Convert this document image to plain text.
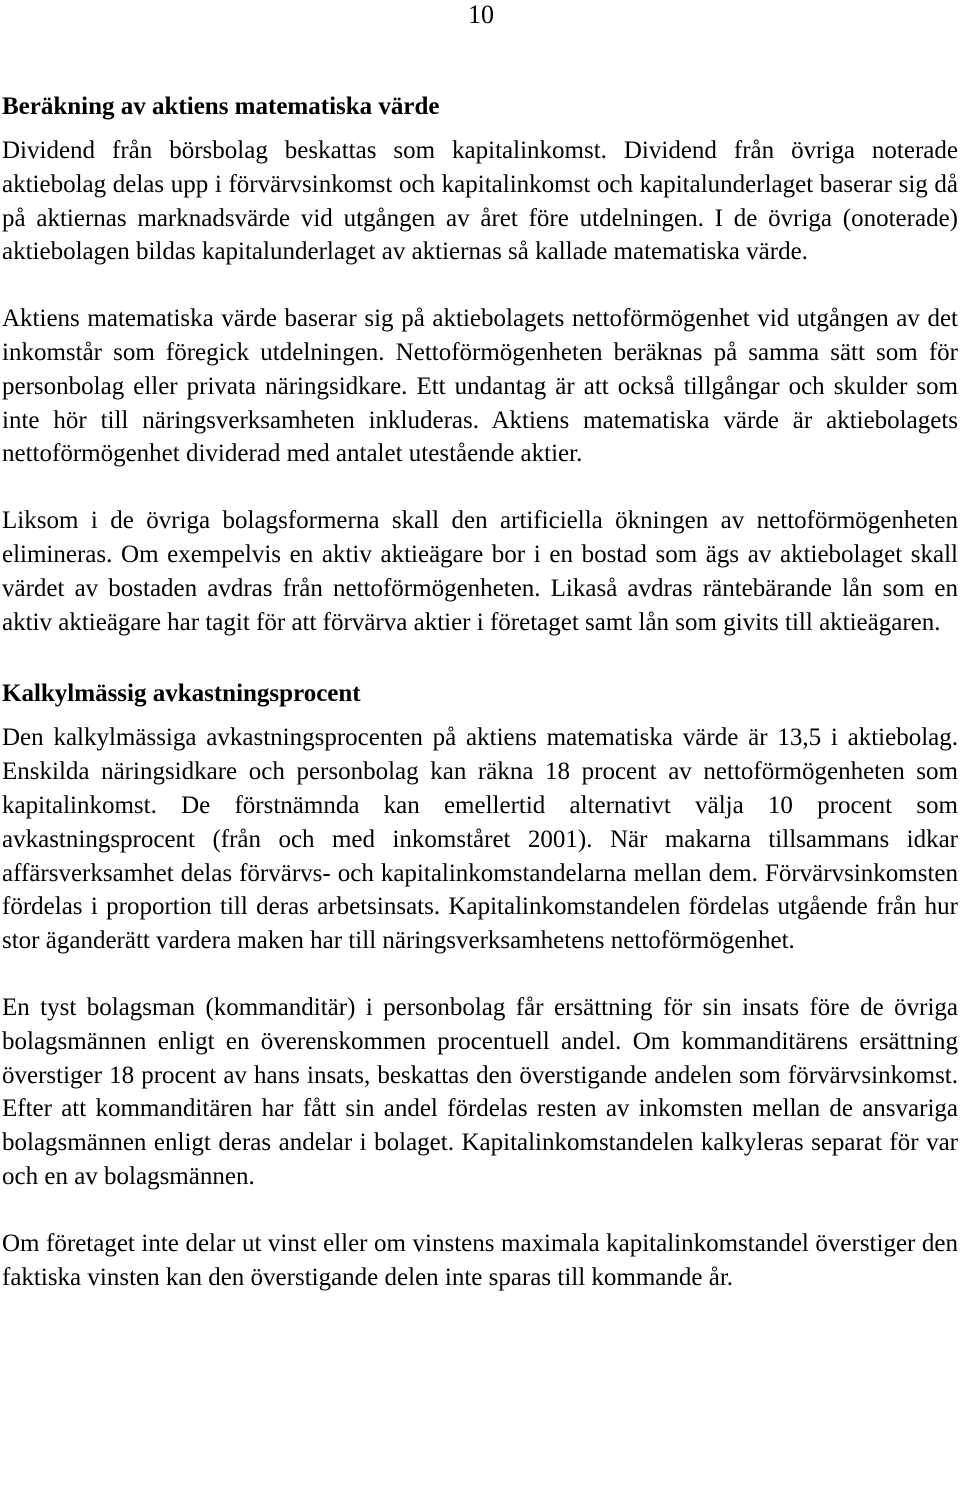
10
Beräkning av aktiens matematiska värde

Dividend från börsbolag beskattas som kapitalinkomst. Dividend från övriga noterade aktiebolag delas upp i förvärvsinkomst och kapitalinkomst och kapitalunderlaget baserar sig då på aktiernas marknadsvärde vid utgången av året före utdelningen. I de övriga (onoterade) aktiebolagen bildas kapitalunderlaget av aktiernas så kallade matematiska värde.

Aktiens matematiska värde baserar sig på aktiebolagets nettoförmögenhet vid utgången av det inkomstår som föregick utdelningen. Nettoförmögenheten beräknas på samma sätt som för personbolag eller privata näringsidkare. Ett undantag är att också tillgångar och skulder som inte hör till näringsverksamheten inkluderas. Aktiens matematiska värde är aktiebolagets nettoförmögenhet dividerad med antalet utestående aktier.

Liksom i de övriga bolagsformerna skall den artificiella ökningen av nettoförmögenheten elimineras. Om exempelvis en aktiv aktieägare bor i en bostad som ägs av aktiebolaget skall värdet av bostaden avdras från nettoförmögenheten. Likaså avdras räntebärande lån som en aktiv aktieägare har tagit för att förvärva aktier i företaget samt lån som givits till aktieägaren.

Kalkylmässig avkastningsprocent

Den kalkylmässiga avkastningsprocenten på aktiens matematiska värde är 13,5 i aktiebolag. Enskilda näringsidkare och personbolag kan räkna 18 procent av nettoförmögenheten som kapitalinkomst. De förstnämnda kan emellertid alternativt välja 10 procent som avkastningsprocent (från och med inkomståret 2001). När makarna tillsammans idkar affärsverksamhet delas förvärvs- och kapitalinkomstandelarna mellan dem. Förvärvsinkomsten fördelas i proportion till deras arbetsinsats. Kapitalinkomstandelen fördelas utgående från hur stor äganderätt vardera maken har till näringsverksamhetens nettoförmögenhet.

En tyst bolagsman (kommanditär) i personbolag får ersättning för sin insats före de övriga bolagsmännen enligt en överenskommen procentuell andel. Om kommanditärens ersättning överstiger 18 procent av hans insats, beskattas den överstigande andelen som förvärvsinkomst. Efter att kommanditären har fått sin andel fördelas resten av inkomsten mellan de ansvariga bolagsmännen enligt deras andelar i bolaget. Kapitalinkomstandelen kalkyleras separat för var och en av bolagsmännen.

Om företaget inte delar ut vinst eller om vinstens maximala kapitalinkomstandel överstiger den faktiska vinsten kan den överstigande delen inte sparas till kommande år.
